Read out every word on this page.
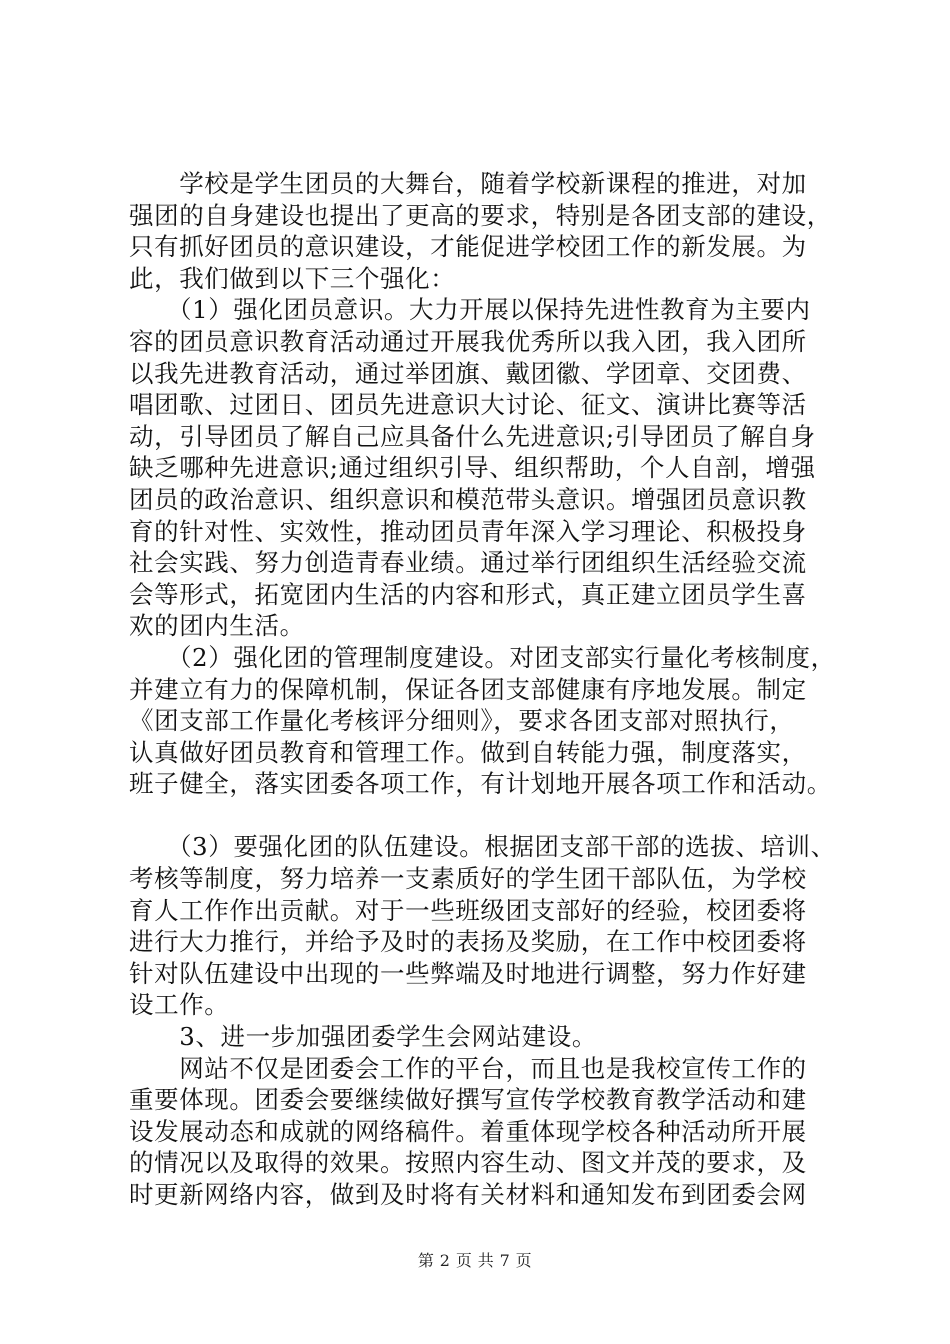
　　学校是学生团员的大舞台，随着学校新课程的推进，对加
强团的自身建设也提出了更高的要求，特别是各团支部的建设，
只有抓好团员的意识建设，才能促进学校团工作的新发展。为
此，我们做到以下三个强化：
　　（1）强化团员意识。大力开展以保持先进性教育为主要内
容的团员意识教育活动通过开展我优秀所以我入团，我入团所
以我先进教育活动，通过举团旗、戴团徽、学团章、交团费、
唱团歌、过团日、团员先进意识大讨论、征文、演讲比赛等活
动，引导团员了解自己应具备什么先进意识;引导团员了解自身
缺乏哪种先进意识;通过组织引导、组织帮助，个人自剖，增强
团员的政治意识、组织意识和模范带头意识。增强团员意识教
育的针对性、实效性，推动团员青年深入学习理论、积极投身
社会实践、努力创造青春业绩。通过举行团组织生活经验交流
会等形式，拓宽团内生活的内容和形式，真正建立团员学生喜
欢的团内生活。
　　（2）强化团的管理制度建设。对团支部实行量化考核制度，
并建立有力的保障机制，保证各团支部健康有序地发展。制定
《团支部工作量化考核评分细则》，要求各团支部对照执行，
认真做好团员教育和管理工作。做到自转能力强，制度落实，
班子健全，落实团委各项工作，有计划地开展各项工作和活动。
　　（3）要强化团的队伍建设。根据团支部干部的选拔、培训、
考核等制度，努力培养一支素质好的学生团干部队伍，为学校
育人工作作出贡献。对于一些班级团支部好的经验，校团委将
进行大力推行，并给予及时的表扬及奖励，在工作中校团委将
针对队伍建设中出现的一些弊端及时地进行调整，努力作好建
设工作。
　　3、进一步加强团委学生会网站建设。
　　网站不仅是团委会工作的平台，而且也是我校宣传工作的
重要体现。团委会要继续做好撰写宣传学校教育教学活动和建
设发展动态和成就的网络稿件。着重体现学校各种活动所开展
的情况以及取得的效果。按照内容生动、图文并茂的要求，及
时更新网络内容，做到及时将有关材料和通知发布到团委会网
第 2 页 共 7 页
